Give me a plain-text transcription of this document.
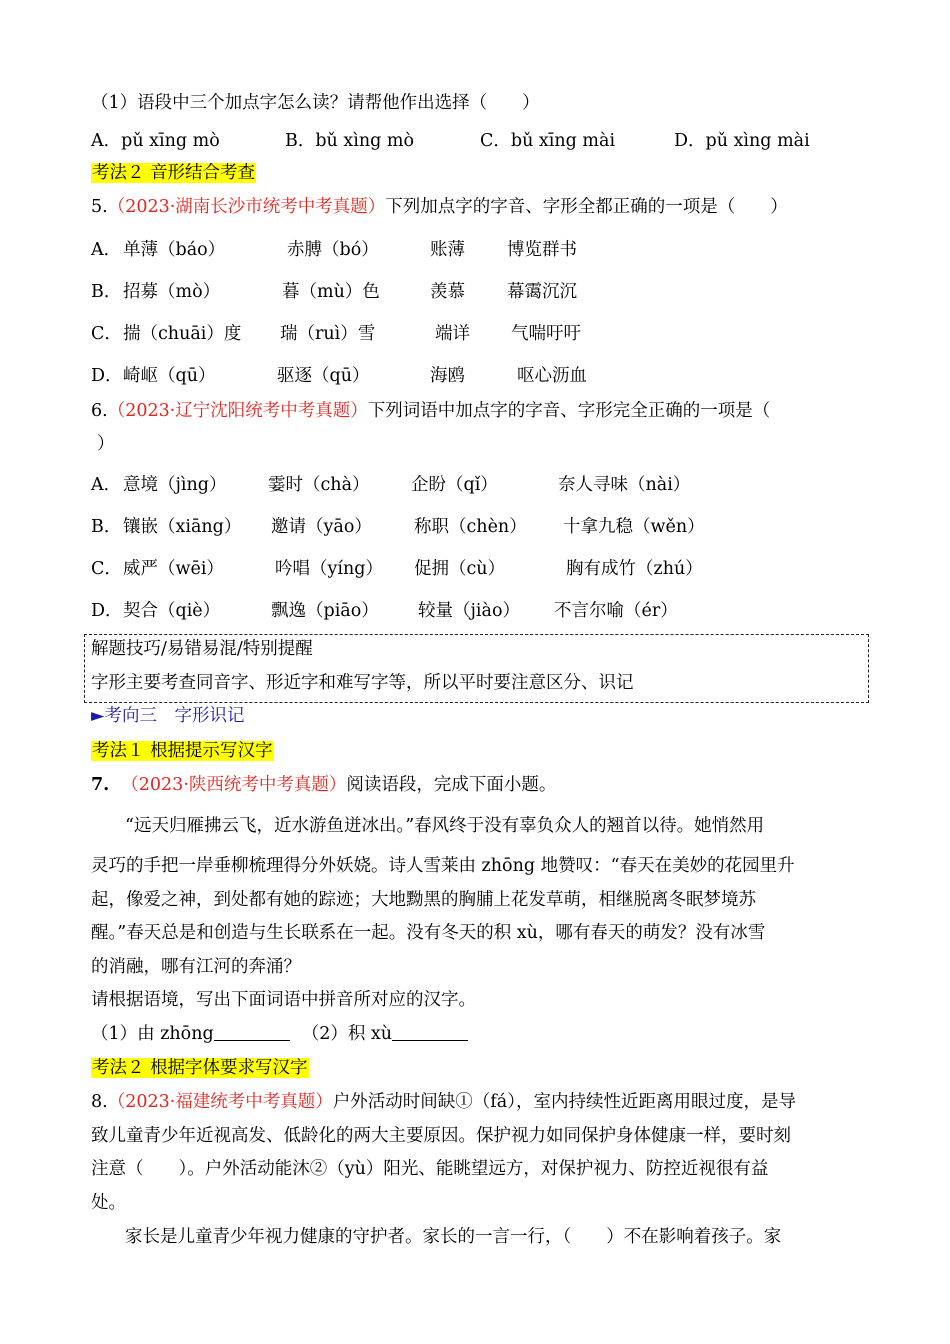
（1）语段中三个加点字怎么读？请帮他作出选择（　　）
A．pǔ xīng mò	B．bǔ xìng mò	C．bǔ xīng mài	D．pǔ xìng mài
考法２ 音形结合考查
5.（2023·湖南长沙市统考中考真题）下列加点字的字音、字形全都正确的一项是（　　）
A． 单薄（báo）	赤膊（bó）	账薄 博览群书
B． 招募（mò）	暮（mù）色	羡慕 幕霭沉沉
C． 揣（chuāi）度 瑞（ruì）雪	端详 气喘吁吁
D． 崎岖（qū）	驱逐（qū）	海鸥	呕心沥血
6.（2023·辽宁沈阳统考中考真题）下列词语中加点字的字音、字形完全正确的一项是（
）
A． 意境（jìng） 霎时（chà） 企盼（qǐ）	奈人寻味（nài）
B． 镶嵌（xiāng） 邀请（yāo） 称职（chèn） 十拿九稳（wěn）
C． 威严（wēi）	吟唱（yíng） 促拥（cù）	胸有成竹（zhú）
D． 契合（qiè）	飘逸（piāo） 较量（jiào） 不言尔喻（ér）
解题技巧/易错易混/特别提醒
字形主要考查同音字、形近字和难写字等，所以平时要注意区分、识记
►考向三　字形识记
考法１ 根据提示写汉字
7. （2023·陕西统考中考真题）阅读语段，完成下面小题。
“远天归雁拂云飞，近水游鱼迸冰出。”春风终于没有辜负众人的翘首以待。她悄然用
灵巧的手把一岸垂柳梳理得分外妖娆。诗人雪莱由 zhōng 地赞叹：“春天在美妙的花园里升
起，像爱之神，到处都有她的踪迹；大地黝黑的胸脯上花发草萌，相继脱离冬眠梦境苏
醒。”春天总是和创造与生长联系在一起。没有冬天的积 xù，哪有春天的萌发？没有冰雪
的消融，哪有江河的奔涌？
请根据语境，写出下面词语中拼音所对应的汉字。
（1）由 zhōng	（2）积 xù
考法２ 根据字体要求写汉字
8.（2023·福建统考中考真题）户外活动时间缺①（fá），室内持续性近距离用眼过度，是导
致儿童青少年近视高发、低龄化的两大主要原因。保护视力如同保护身体健康一样，要时刻
注意（　　）。户外活动能沐②（yù）阳光、能眺望远方，对保护视力、防控近视很有益
处。
家长是儿童青少年视力健康的守护者。家长的一言一行，（　　）不在影响着孩子。家
